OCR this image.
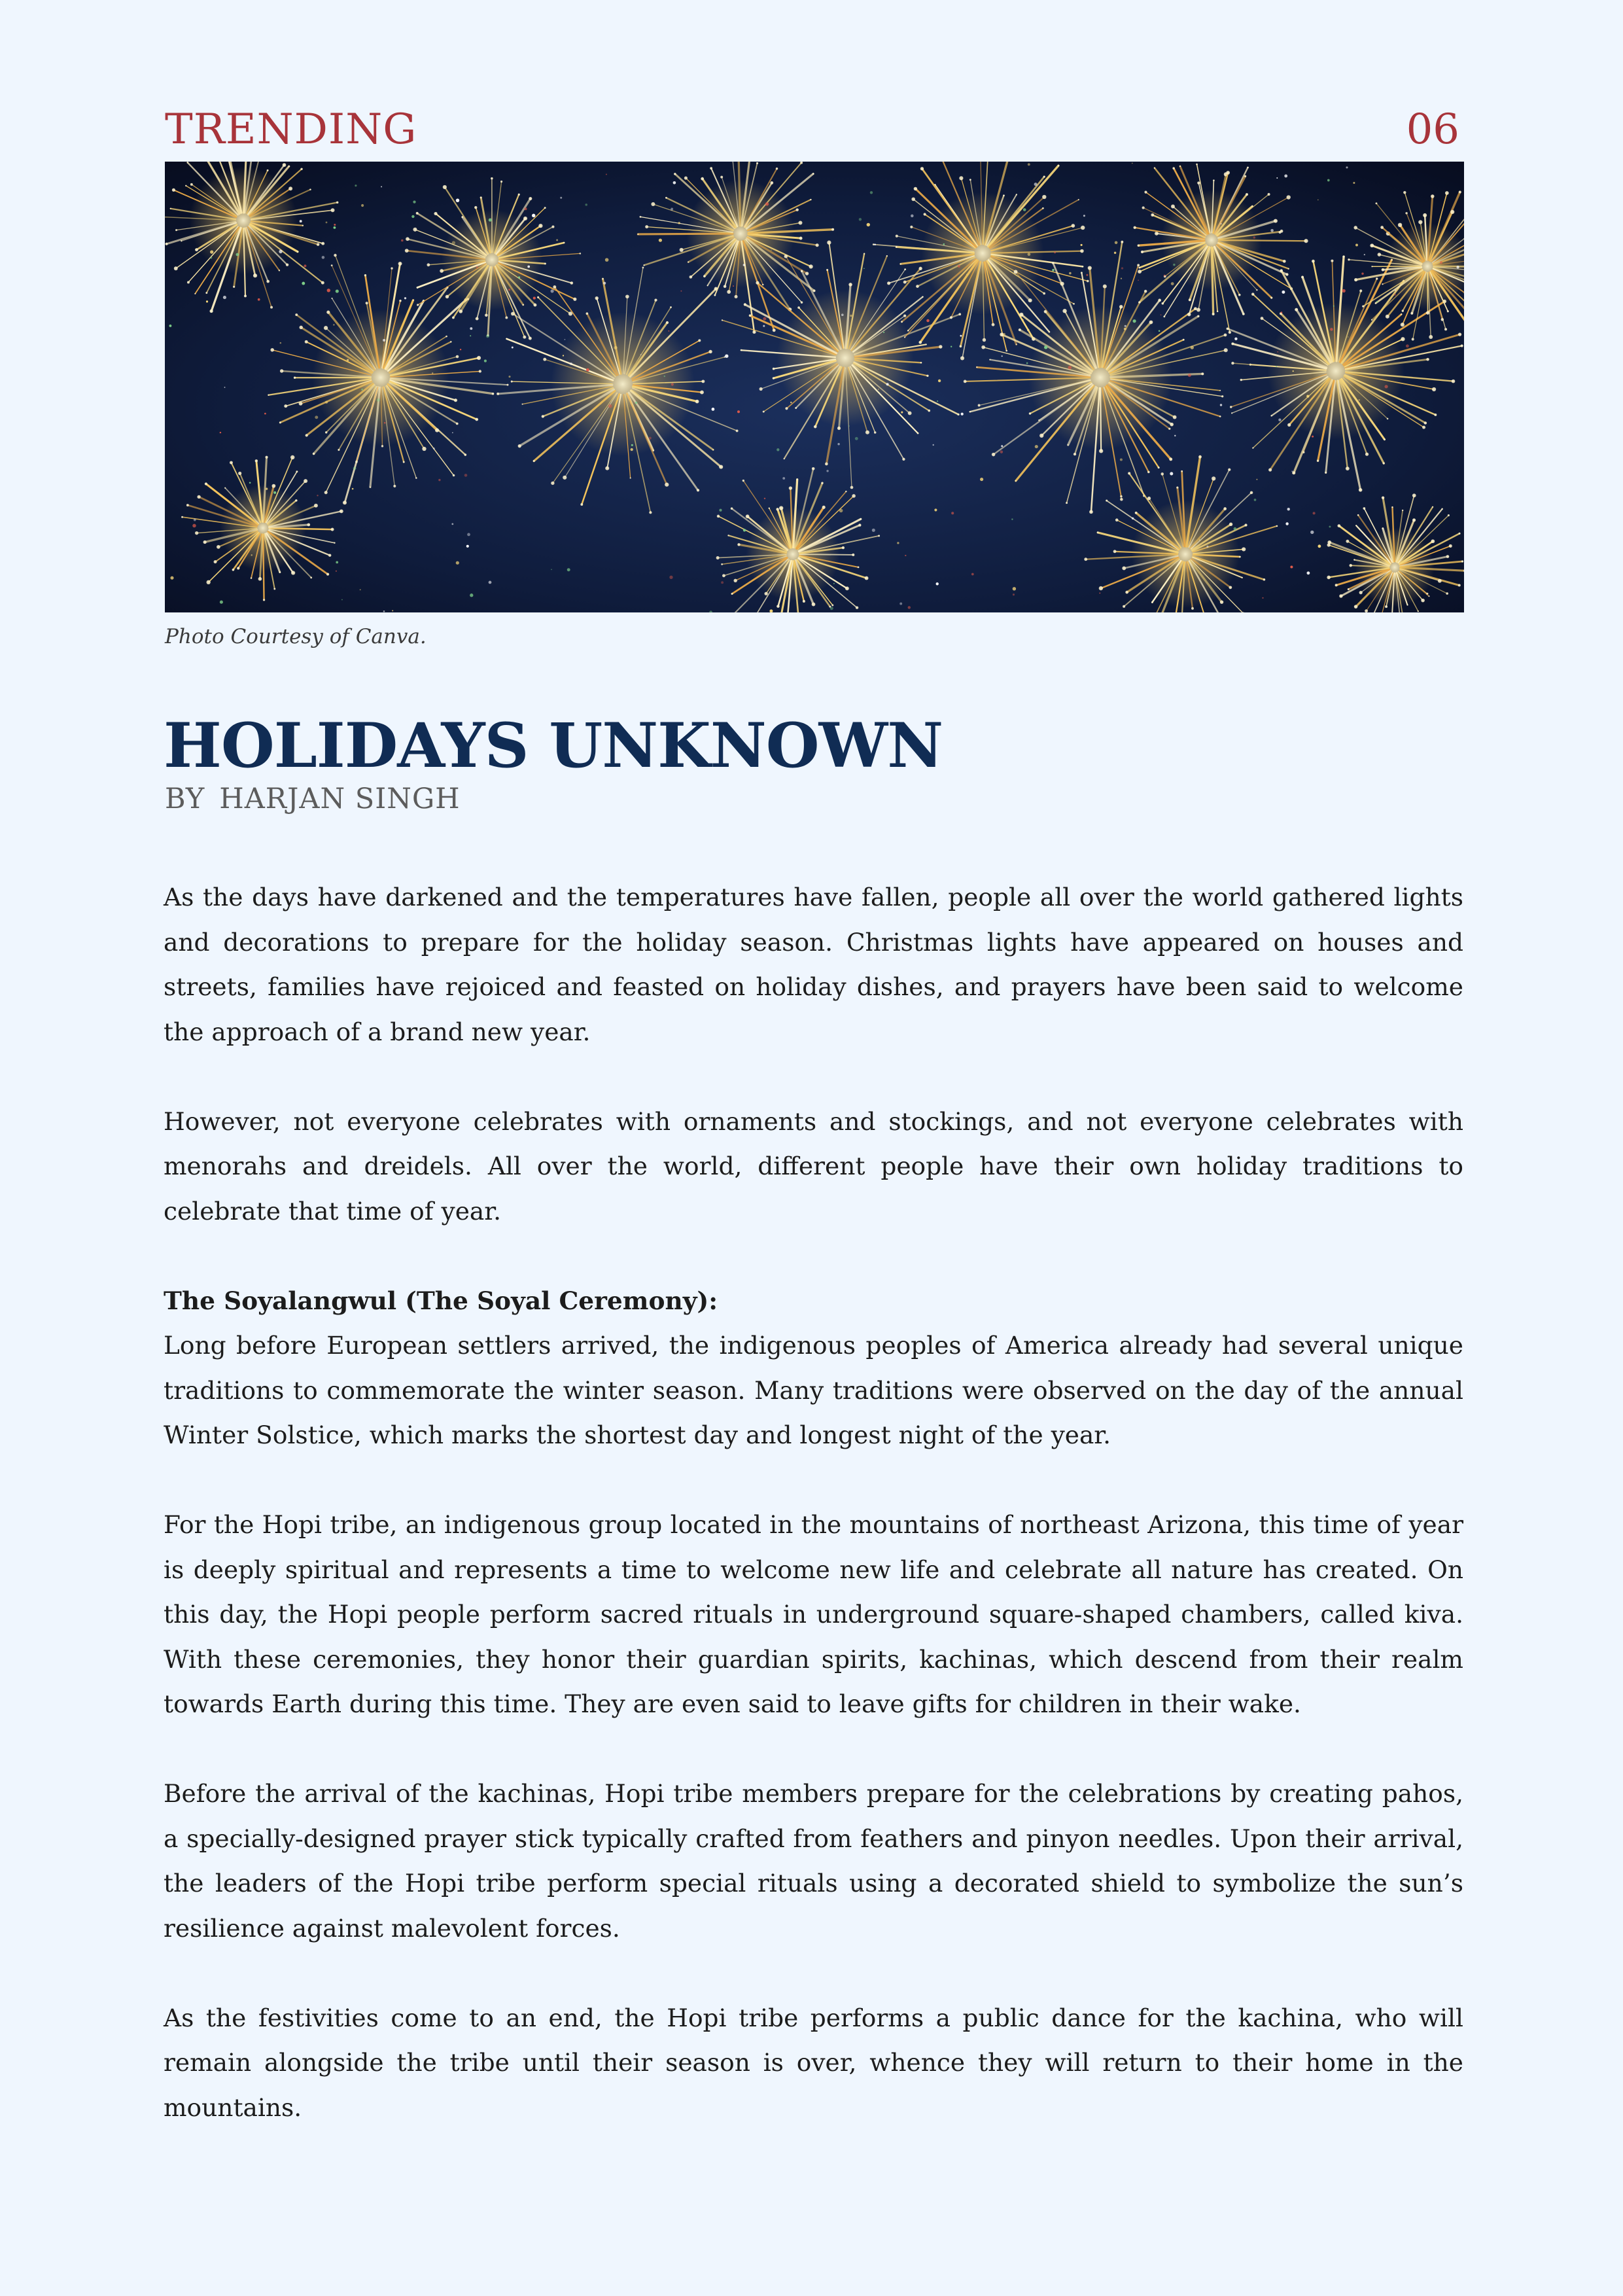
TRENDING	06
Photo Courtesy of Canva.
HOLIDAYS UNKNOWN
BY HARJAN SINGH

As the days have darkened and the temperatures have fallen, people all over the world gathered lights and decorations to prepare for the holiday season. Christmas lights have appeared on houses and streets, families have rejoiced and feasted on holiday dishes, and prayers have been said to welcome the approach of a brand new year.

However, not everyone celebrates with ornaments and stockings, and not everyone celebrates with menorahs and dreidels. All over the world, different people have their own holiday traditions to celebrate that time of year.

The Soyalangwul (The Soyal Ceremony):

Long before European settlers arrived, the indigenous peoples of America already had several unique traditions to commemorate the winter season. Many traditions were observed on the day of the annual Winter Solstice, which marks the shortest day and longest night of the year.

For the Hopi tribe, an indigenous group located in the mountains of northeast Arizona, this time of year is deeply spiritual and represents a time to welcome new life and celebrate all nature has created. On this day, the Hopi people perform sacred rituals in underground square-shaped chambers, called kiva. With these ceremonies, they honor their guardian spirits, kachinas, which descend from their realm towards Earth during this time. They are even said to leave gifts for children in their wake.

Before the arrival of the kachinas, Hopi tribe members prepare for the celebrations by creating pahos, a specially-designed prayer stick typically crafted from feathers and pinyon needles. Upon their arrival, the leaders of the Hopi tribe perform special rituals using a decorated shield to symbolize the sun’s resilience against malevolent forces.

As the festivities come to an end, the Hopi tribe performs a public dance for the kachina, who will remain alongside the tribe until their season is over, whence they will return to their home in the mountains.
